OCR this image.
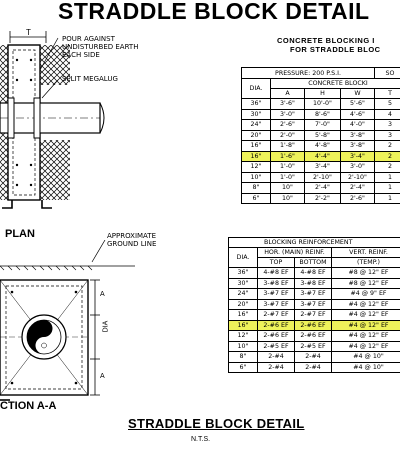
STRADDLE BLOCK DETAIL
T
POUR AGAINST
UNDISTURBED EARTH
EACH SIDE
SPLIT MEGALUG
PLAN	APPROXIMATE
GROUND LINE
A
DIA
A
CTION A-A
CONCRETE BLOCKING I
FOR STRADDLE BLOC
PRESSURE: 200 P.S.I.				SO
DIA.	CONCRETE BLOCKI			
	A	H	W	T
36"	3'-6"	10'-0"	5'-6"	5
30"	3'-0"	8'-6"	4'-6"	4
24"	2'-6"	7'-0"	4'-0"	3
20"	2'-0"	5'-8"	3'-8"	3
16"	1'-8"	4'-8"	3'-8"	2
16"	1'-6"	4'-4"	3'-4"	2
12"	1'-0"	3'-4"	3'-0"	2
10"	1'-0"	2'-10"	2'-10"	1
8"	10"	2'-4"	2'-4"	1
6"	10"	2'-2"	2'-6"	1
BLOCKING REINFORCEMENT			
DIA.	HOR. (MAIN) REINF.		VERT. REINF.
	TOP	BOTTOM	(TEMP.)
36"	4-#8 EF	4-#8 EF	#8 @ 12" EF
30"	3-#8 EF	3-#8 EF	#8 @ 12" EF
24"	3-#7 EF	3-#7 EF	#4 @ 9" EF
20"	3-#7 EF	3-#7 EF	#4 @ 12" EF
16"	2-#7 EF	2-#7 EF	#4 @ 12" EF
16"	2-#6 EF	2-#6 EF	#4 @ 12" EF
12"	2-#6 EF	2-#6 EF	#4 @ 12" EF
10"	2-#5 EF	2-#5 EF	#4 @ 12" EF
8"	2-#4	2-#4	#4 @ 10"
6"	2-#4	2-#4	#4 @ 10"
STRADDLE BLOCK DETAIL
N.T.S.
